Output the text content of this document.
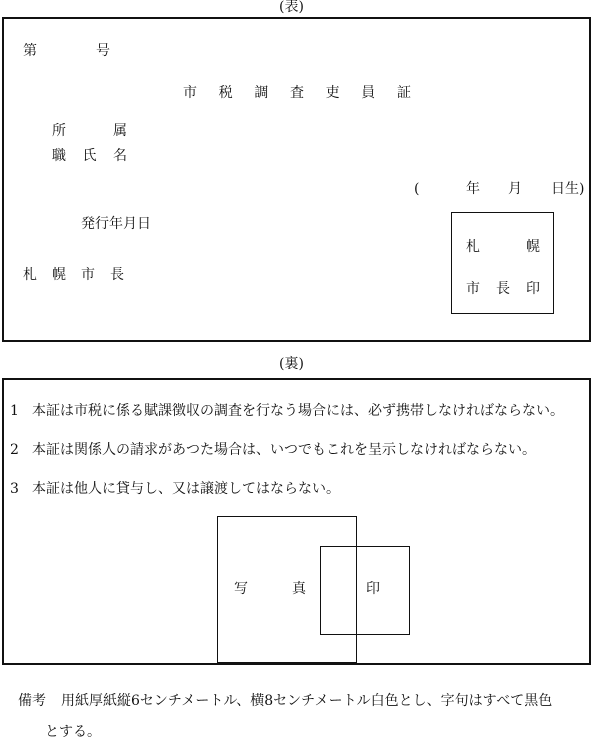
(表)
第	号
市 税 調 査 吏 員 証
所	属
職 氏 名
(	年 月 日生)
発行年月日
札 幌 市 長
札	幌
市 長 印
(裏)
1 本証は市税に係る賦課徴収の調査を行なう場合には、必ず携帯しなければならない。
2 本証は関係人の請求があつた場合は、いつでもこれを呈示しなければならない。
3 本証は他人に貸与し、又は譲渡してはならない。
写	真	印
備考 用紙厚紙縦6センチメートル、横8センチメートル白色とし、字句はすべて黒色
とする。
